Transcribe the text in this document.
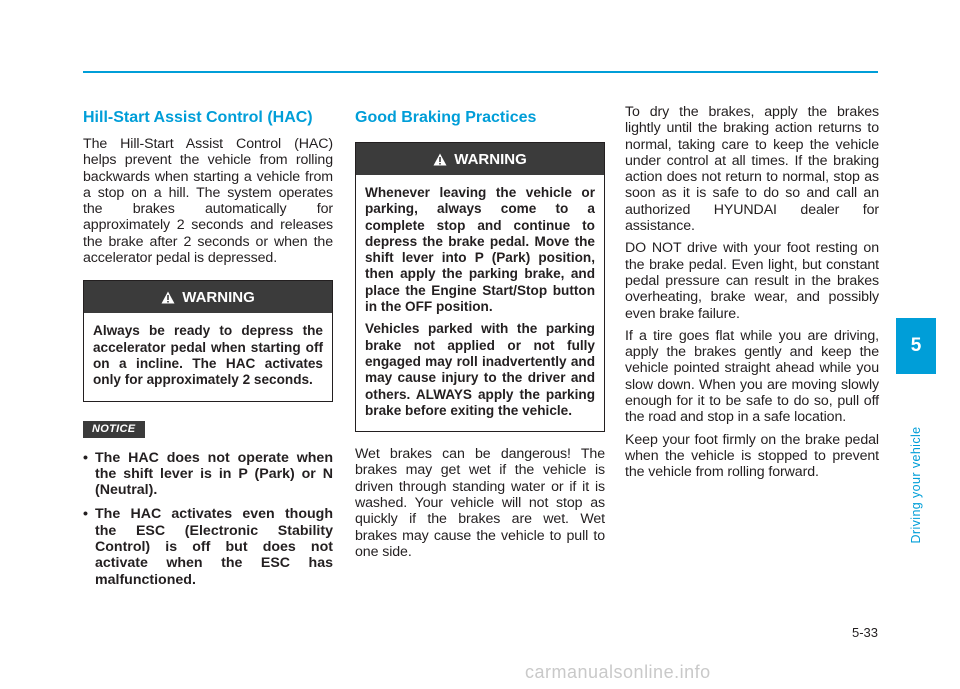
Hill-Start Assist Control (HAC)

The Hill-Start Assist Control (HAC) helps prevent the vehicle from rolling backwards when starting a vehicle from a stop on a hill. The system operates the brakes automatically for approximately 2 seconds and releases the brake after 2 seconds or when the accelerator pedal is depressed.

WARNING

Always be ready to depress the accelerator pedal when starting off on a incline. The HAC activates only for approximately 2 seconds.

NOTICE
• The HAC does not operate when the shift lever is in P (Park) or N (Neutral).
• The HAC activates even though the ESC (Electronic Stability Control) is off but does not activate when the ESC has malfunctioned.
Good Braking Practices
WARNING

Whenever leaving the vehicle or parking, always come to a complete stop and continue to depress the brake pedal. Move the shift lever into P (Park) position, then apply the parking brake, and place the Engine Start/Stop button in the OFF position.

Vehicles parked with the parking brake not applied or not fully engaged may roll inadvertently and may cause injury to the driver and others. ALWAYS apply the parking brake before exiting the vehicle.

Wet brakes can be dangerous! The brakes may get wet if the vehicle is driven through standing water or if it is washed. Your vehicle will not stop as quickly if the brakes are wet. Wet brakes may cause the vehicle to pull to one side.

To dry the brakes, apply the brakes lightly until the braking action returns to normal, taking care to keep the vehicle under control at all times. If the braking action does not return to normal, stop as soon as it is safe to do so and call an authorized HYUNDAI dealer for assistance.

DO NOT drive with your foot resting on the brake pedal. Even light, but constant pedal pressure can result in the brakes overheating, brake wear, and possibly even brake failure.

If a tire goes flat while you are driving, apply the brakes gently and keep the vehicle pointed straight ahead while you slow down. When you are moving slowly enough for it to be safe to do so, pull off the road and stop in a safe location.

Keep your foot firmly on the brake pedal when the vehicle is stopped to prevent the vehicle from rolling forward.

5
Driving your vehicle
5-33
carmanualsonline.info
